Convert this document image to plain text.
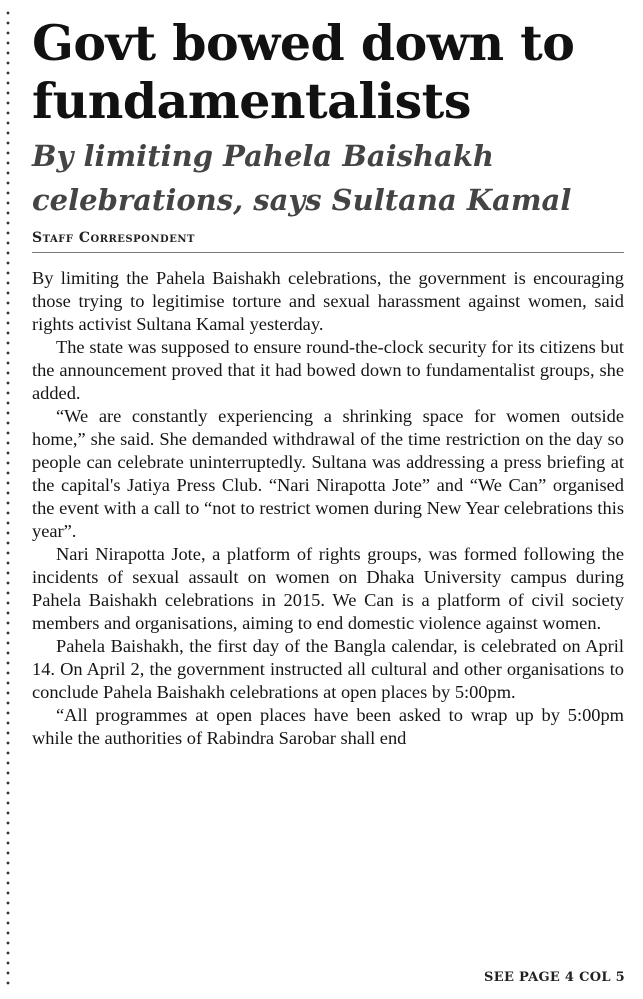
Govt bowed down to fundamentalists
By limiting Pahela Baishakh celebrations, says Sultana Kamal
Staff Correspondent

By limiting the Pahela Baishakh celebrations, the government is encouraging those trying to legitimise torture and sexual harassment against women, said rights activist Sultana Kamal yesterday.

The state was supposed to ensure round-the-clock security for its citizens but the announcement proved that it had bowed down to fundamentalist groups, she added.

“We are constantly experiencing a shrinking space for women outside home,” she said. She demanded withdrawal of the time restriction on the day so people can celebrate uninterruptedly. Sultana was addressing a press briefing at the capital's Jatiya Press Club. “Nari Nirapotta Jote” and “We Can” organised the event with a call to “not to restrict women during New Year celebrations this year”.

Nari Nirapotta Jote, a platform of rights groups, was formed following the incidents of sexual assault on women on Dhaka University campus during Pahela Baishakh celebrations in 2015. We Can is a platform of civil society members and organisations, aiming to end domestic violence against women.

Pahela Baishakh, the first day of the Bangla calendar, is celebrated on April 14. On April 2, the government instructed all cultural and other organisations to conclude Pahela Baishakh celebrations at open places by 5:00pm.

“All programmes at open places have been asked to wrap up by 5:00pm while the authorities of Rabindra Sarobar shall end

SEE PAGE 4 COL 5
